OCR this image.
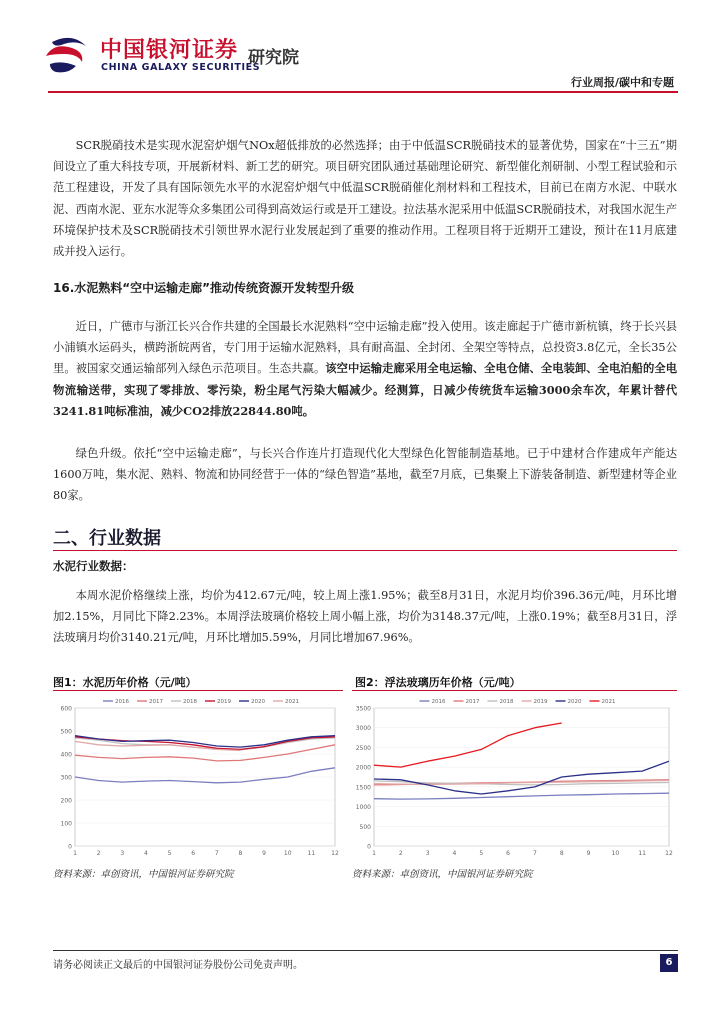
中国银河证券
CHINA GALAXY SECURITIES
研究院
行业周报/碳中和专题

SCR脱硝技术是实现水泥窑炉烟气NOx超低排放的必然选择；由于中低温SCR脱硝技术的显著优势，国家在“十三五”期间设立了重大科技专项，开展新材料、新工艺的研究。项目研究团队通过基础理论研究、新型催化剂研制、小型工程试验和示范工程建设，开发了具有国际领先水平的水泥窑炉烟气中低温SCR脱硝催化剂材料和工程技术，目前已在南方水泥、中联水泥、西南水泥、亚东水泥等众多集团公司得到高效运行或是开工建设。拉法基水泥采用中低温SCR脱硝技术，对我国水泥生产环境保护技术及SCR脱硝技术引领世界水泥行业发展起到了重要的推动作用。工程项目将于近期开工建设，预计在11月底建成并投入运行。

16.水泥熟料“空中运输走廊”推动传统资源开发转型升级

近日，广德市与浙江长兴合作共建的全国最长水泥熟料“空中运输走廊”投入使用。该走廊起于广德市新杭镇，终于长兴县小浦镇水运码头，横跨浙皖两省，专门用于运输水泥熟料，具有耐高温、全封闭、全架空等特点，总投资3.8亿元，全长35公里。被国家交通运输部列入绿色示范项目。生态共赢。该空中运输走廊采用全电运输、全电仓储、全电装卸、全电泊船的全电物流输送带，实现了零排放、零污染，粉尘尾气污染大幅减少。经测算，日减少传统货车运输3000余车次，年累计替代3241.81吨标准油，减少CO2排放22844.80吨。

绿色升级。依托“空中运输走廊”，与长兴合作连片打造现代化大型绿色化智能制造基地。已于中建材合作建成年产能达1600万吨，集水泥、熟料、物流和协同经营于一体的“绿色智造”基地，截至7月底，已集聚上下游装备制造、新型建材等企业80家。

二、行业数据
水泥行业数据：

本周水泥价格继续上涨，均价为412.67元/吨，较上周上涨1.95%；截至8月31日，水泥月均价396.36元/吨，月环比增加2.15%，月同比下降2.23%。本周浮法玻璃价格较上周小幅上涨，均价为3148.37元/吨，上涨0.19%；截至8月31日，浮法玻璃月均价3140.21元/吨，月环比增加5.59%，月同比增加67.96%。

图1：水泥历年价格（元/吨）	图2：浮法玻璃历年价格（元/吨）
0
100
200
300
400
500
600
1	2	3	4	5	6	7	8	9	10	11	12
2016	2017	2018	2019	2020	2021
0
500
1000
1500
2000
2500
3000
3500
1	2	3	4	5	6	7	8	9	10	11	12
2016	2017	2018	2019	2020	2021
资料来源：卓创资讯，中国银河证券研究院	资料来源：卓创资讯，中国银河证券研究院
请务必阅读正文最后的中国银河证券股份公司免责声明。	6
